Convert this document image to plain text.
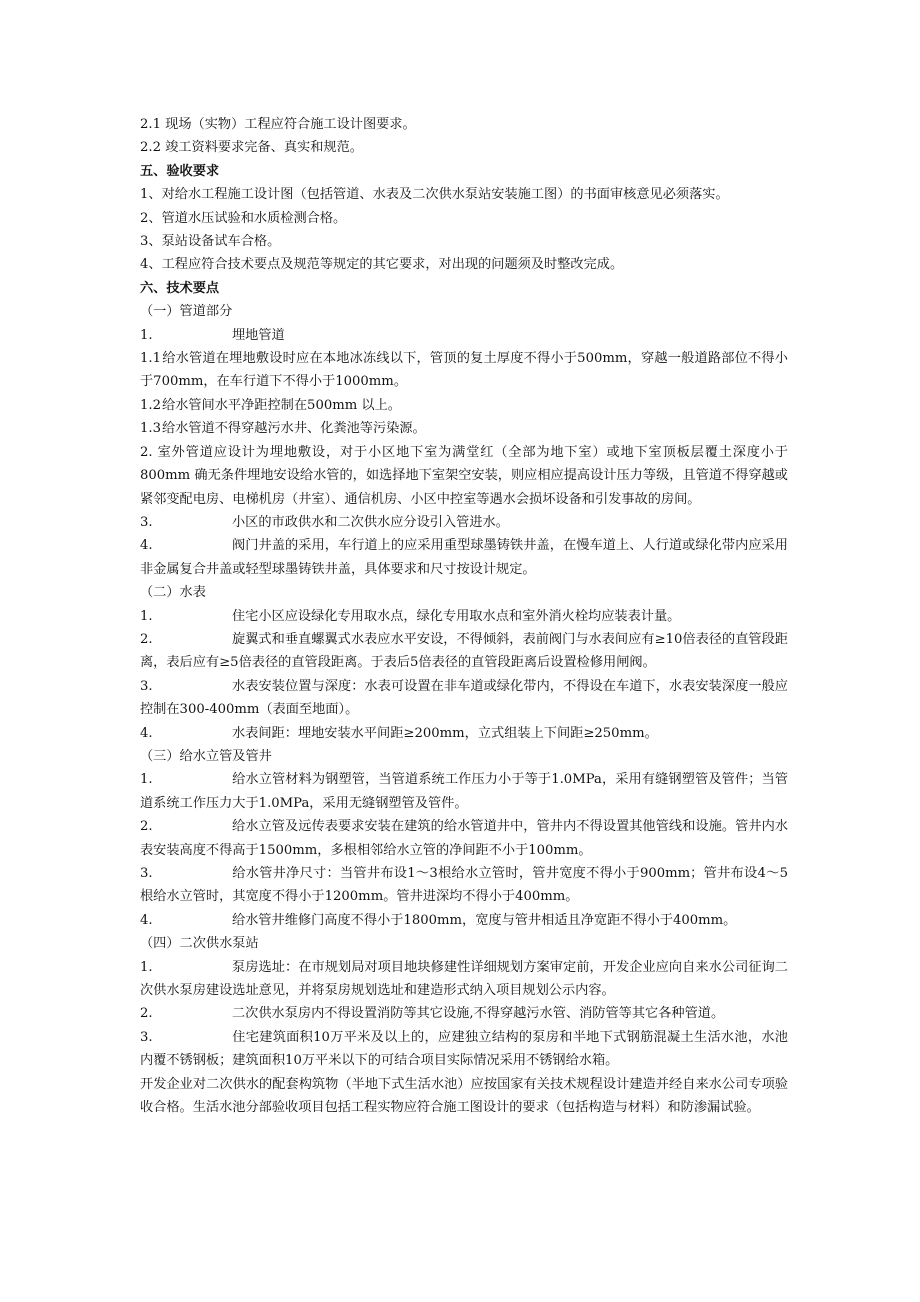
2.1 现场（实物）工程应符合施工设计图要求。
2.2 竣工资料要求完备、真实和规范。
五、验收要求
1、对给水工程施工设计图（包括管道、水表及二次供水泵站安装施工图）的书面审核意见必须落实。
2、管道水压试验和水质检测合格。
3、泵站设备试车合格。
4、工程应符合技术要点及规范等规定的其它要求，对出现的问题须及时整改完成。
六、技术要点
（一）管道部分
1.	埋地管道
1.1给水管道在埋地敷设时应在本地冰冻线以下，管顶的复土厚度不得小于500mm，穿越一般道路部位不得小于700mm，在车行道下不得小于1000mm。
1.2给水管间水平净距控制在500mm 以上。
1.3给水管道不得穿越污水井、化粪池等污染源。
2. 室外管道应设计为埋地敷设，对于小区地下室为满堂红（全部为地下室）或地下室顶板层覆土深度小于800mm 确无条件埋地安设给水管的，如选择地下室架空安装，则应相应提高设计压力等级，且管道不得穿越或紧邻变配电房、电梯机房（井室）、通信机房、小区中控室等遇水会损坏设备和引发事故的房间。
3.	小区的市政供水和二次供水应分设引入管进水。
4.	阀门井盖的采用，车行道上的应采用重型球墨铸铁井盖，在慢车道上、人行道或绿化带内应采用非金属复合井盖或轻型球墨铸铁井盖，具体要求和尺寸按设计规定。
（二）水表
1.	住宅小区应设绿化专用取水点，绿化专用取水点和室外消火栓均应装表计量。
2.	旋翼式和垂直螺翼式水表应水平安设，不得倾斜，表前阀门与水表间应有≥10倍表径的直管段距离，表后应有≥5倍表径的直管段距离。于表后5倍表径的直管段距离后设置检修用闸阀。
3.	水表安装位置与深度：水表可设置在非车道或绿化带内，不得设在车道下，水表安装深度一般应控制在300-400mm（表面至地面）。
4.	水表间距：埋地安装水平间距≥200mm，立式组装上下间距≥250mm。
（三）给水立管及管井
1.	给水立管材料为钢塑管，当管道系统工作压力小于等于1.0MPa，采用有缝钢塑管及管件；当管道系统工作压力大于1.0MPa，采用无缝钢塑管及管件。
2.	给水立管及远传表要求安装在建筑的给水管道井中，管井内不得设置其他管线和设施。管井内水表安装高度不得高于1500mm，多根相邻给水立管的净间距不小于100mm。
3.	给水管井净尺寸：当管井布设1～3根给水立管时，管井宽度不得小于900mm；管井布设4～5根给水立管时，其宽度不得小于1200mm。管井进深均不得小于400mm。
4.	给水管井维修门高度不得小于1800mm，宽度与管井相适且净宽距不得小于400mm。
（四）二次供水泵站
1.	泵房选址：在市规划局对项目地块修建性详细规划方案审定前，开发企业应向自来水公司征询二次供水泵房建设选址意见，并将泵房规划选址和建造形式纳入项目规划公示内容。
2.	二次供水泵房内不得设置消防等其它设施,不得穿越污水管、消防管等其它各种管道。
3.	住宅建筑面积10万平米及以上的，应建独立结构的泵房和半地下式钢筋混凝土生活水池，水池内覆不锈钢板；建筑面积10万平米以下的可结合项目实际情况采用不锈钢给水箱。
开发企业对二次供水的配套构筑物（半地下式生活水池）应按国家有关技术规程设计建造并经自来水公司专项验收合格。生活水池分部验收项目包括工程实物应符合施工图设计的要求（包括构造与材料）和防渗漏试验。
